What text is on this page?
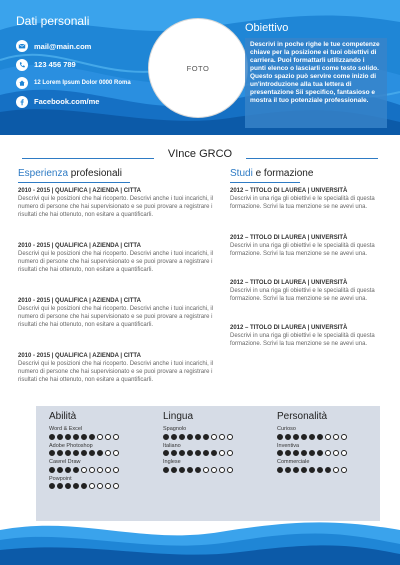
Dati personali
mail@main.com
123 456 789
12 Lorem Ipsum Dolor 0000 Roma
Facebook.com/me
FOTO
Obiettivo

Descrivi in poche righe le tue competenze chiave per la posizione ei tuoi obiettivi di carriera. Puoi formattarli utilizzando i punti elenco o lasciarli come testo solido. Questo spazio può servire come inizio di un'introduzione alla tua lettera di presentazione Sii specifico, fantasioso e mostra il tuo potenziale professionale.

VInce GRCO
Esperienza profesionali
2010 - 2015 | QUALIFICA | AZIENDA | CITTA
Descrivi qui le posizioni che hai ricoperto. Descrivi anche i tuoi incarichi, il numero di persone che hai supervisionato e se puoi provare a registrare i risultati che hai ottenuto, non esitare a quantificarli.
2010 - 2015 | QUALIFICA | AZIENDA | CITTA
Descrivi qui le posizioni che hai ricoperto. Descrivi anche i tuoi incarichi, il numero di persone che hai supervisionato e se puoi provare a registrare i risultati che hai ottenuto, non esitare a quantificarli.
2010 - 2015 | QUALIFICA | AZIENDA | CITTA
Descrivi qui le posizioni che hai ricoperto. Descrivi anche i tuoi incarichi, il numero di persone che hai supervisionato e se puoi provare a registrare i risultati che hai ottenuto, non esitare a quantificarli.
2010 - 2015 | QUALIFICA | AZIENDA | CITTA
Descrivi qui le posizioni che hai ricoperto. Descrivi anche i tuoi incarichi, il numero di persone che hai supervisionato e se puoi provare a registrare i risultati che hai ottenuto, non esitare a quantificarli.
Studi e formazione
2012 – TITOLO DI LAUREA | UNIVERSITÀ
Descrivi in una riga gli obiettivi e le specialità di questa formazione. Scrivi la tua menzione se ne avevi una.
2012 – TITOLO DI LAUREA | UNIVERSITÀ
Descrivi in una riga gli obiettivi e le specialità di questa formazione. Scrivi la tua menzione se ne avevi una.
2012 – TITOLO DI LAUREA | UNIVERSITÀ
Descrivi in una riga gli obiettivi e le specialità di questa formazione. Scrivi la tua menzione se ne avevi una.
2012 – TITOLO DI LAUREA | UNIVERSITÀ
Descrivi in una riga gli obiettivi e le specialità di questa formazione. Scrivi la tua menzione se ne avevi una.
Abilità
Word & Excel
Adobe Photoshop
Cawrel Draw
Powpoint
Lingua
Spagnolo
Italiano
Inglese
Personalità
Curioso
Inventiva
Commerciale
